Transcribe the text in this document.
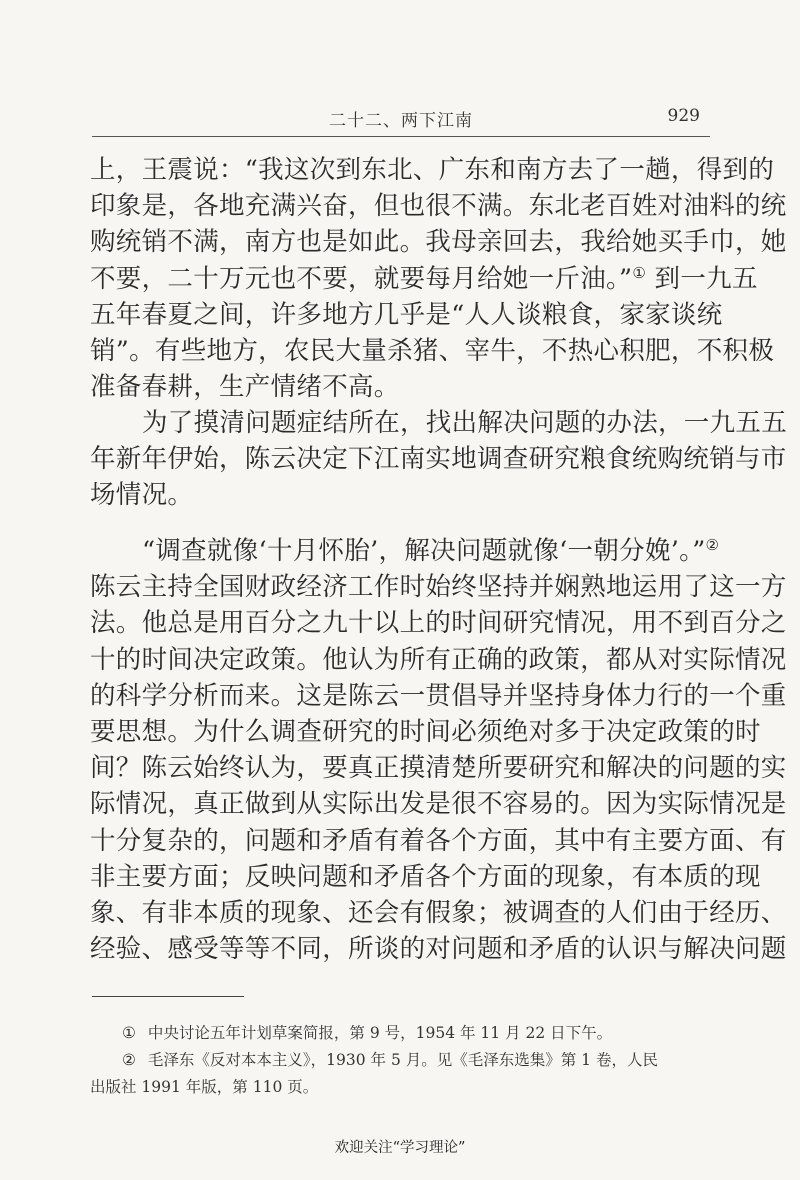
二十二、两下江南	929
上，王震说：“我这次到东北、广东和南方去了一趟，得到的
印象是，各地充满兴奋，但也很不满。东北老百姓对油料的统
购统销不满，南方也是如此。我母亲回去，我给她买手巾，她
不要，二十万元也不要，就要每月给她一斤油。”① 到一九五
五年春夏之间，许多地方几乎是“人人谈粮食，家家谈统
销”。有些地方，农民大量杀猪、宰牛，不热心积肥，不积极
准备春耕，生产情绪不高。
为了摸清问题症结所在，找出解决问题的办法，一九五五
年新年伊始，陈云决定下江南实地调查研究粮食统购统销与市
场情况。
“调查就像‘十月怀胎’，解决问题就像‘一朝分娩’。”②
陈云主持全国财政经济工作时始终坚持并娴熟地运用了这一方
法。他总是用百分之九十以上的时间研究情况，用不到百分之
十的时间决定政策。他认为所有正确的政策，都从对实际情况
的科学分析而来。这是陈云一贯倡导并坚持身体力行的一个重
要思想。为什么调查研究的时间必须绝对多于决定政策的时
间？陈云始终认为，要真正摸清楚所要研究和解决的问题的实
际情况，真正做到从实际出发是很不容易的。因为实际情况是
十分复杂的，问题和矛盾有着各个方面，其中有主要方面、有
非主要方面；反映问题和矛盾各个方面的现象，有本质的现
象、有非本质的现象、还会有假象；被调查的人们由于经历、
经验、感受等等不同，所谈的对问题和矛盾的认识与解决问题
① 中央讨论五年计划草案简报，第 9 号，1954 年 11 月 22 日下午。
② 毛泽东《反对本本主义》，1930 年 5 月。见《毛泽东选集》第 1 卷，人民
出版社 1991 年版，第 110 页。
欢迎关注“学习理论”
